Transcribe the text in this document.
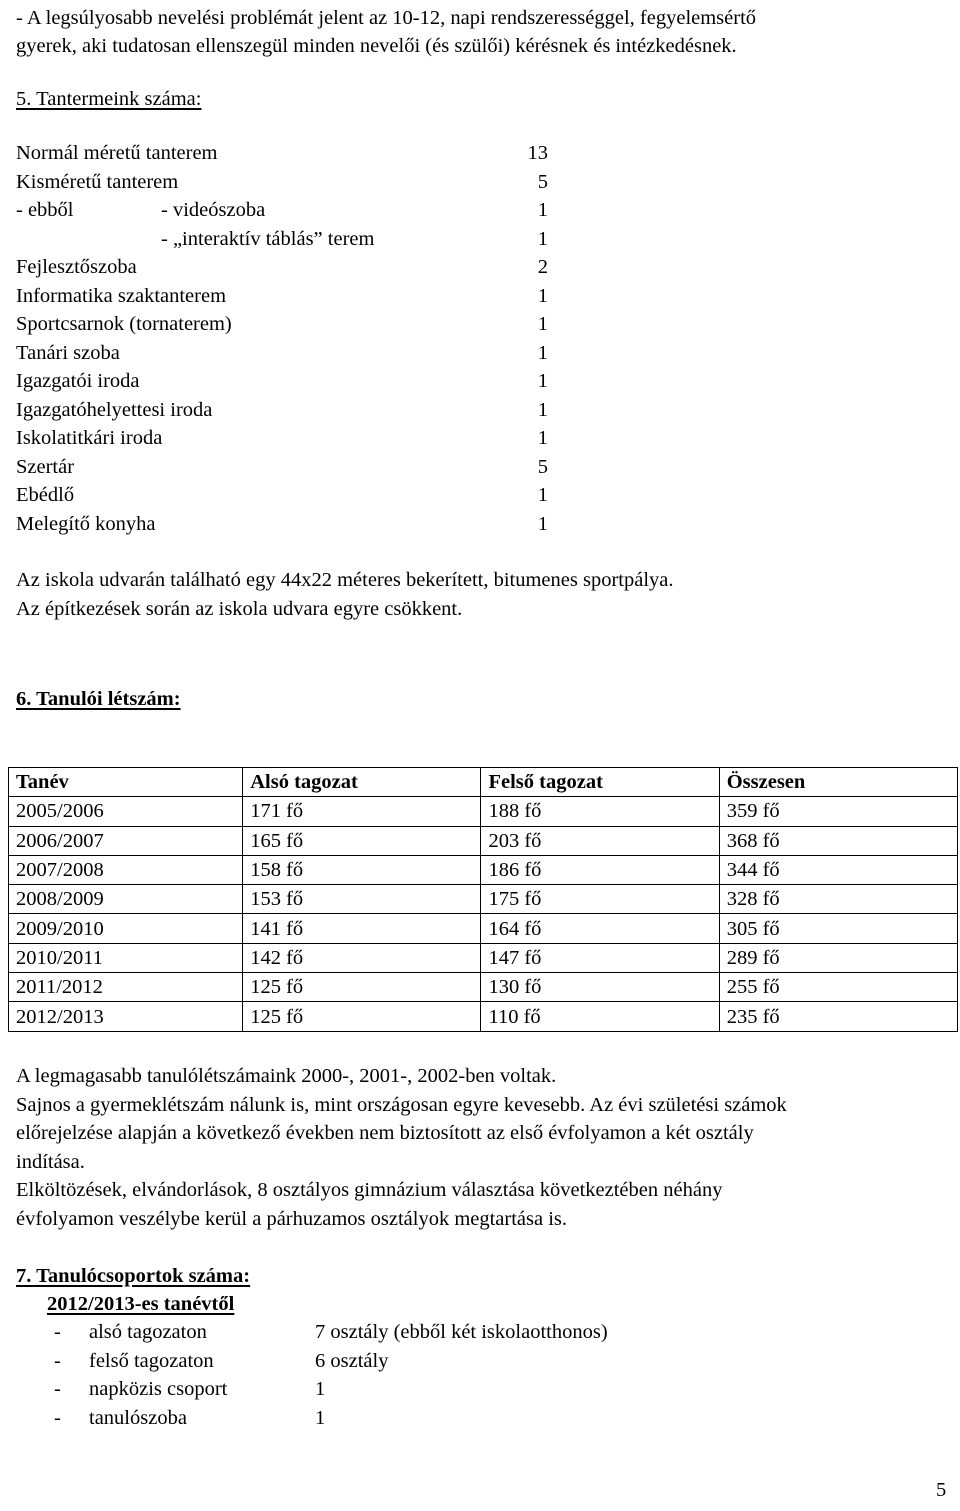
- A legsúlyosabb nevelési problémát jelent az 10-12, napi rendszerességgel, fegyelemsértő
gyerek, aki tudatosan ellenszegül minden nevelői (és szülői) kérésnek és intézkedésnek.
5. Tantermeink száma:
Normál méretű tanterem	13
Kisméretű tanterem	5
- ebből	- videószoba	1
- „interaktív táblás” terem	1
Fejlesztőszoba	2
Informatika szaktanterem	1
Sportcsarnok (tornaterem)	1
Tanári szoba	1
Igazgatói iroda	1
Igazgatóhelyettesi iroda	1
Iskolatitkári iroda	1
Szertár	5
Ebédlő	1
Melegítő konyha	1
Az iskola udvarán található egy 44x22 méteres bekerített, bitumenes sportpálya.
Az építkezések során az iskola udvara egyre csökkent.
6. Tanulói létszám:
Tanév	Alsó tagozat	Felső tagozat	Összesen
2005/2006	171 fő	188 fő	359 fő
2006/2007	165 fő	203 fő	368 fő
2007/2008	158 fő	186 fő	344 fő
2008/2009	153 fő	175 fő	328 fő
2009/2010	141 fő	164 fő	305 fő
2010/2011	142 fő	147 fő	289 fő
2011/2012	125 fő	130 fő	255 fő
2012/2013	125 fő	110 fő	235 fő
A legmagasabb tanulólétszámaink 2000-, 2001-, 2002-ben voltak.
Sajnos a gyermeklétszám nálunk is, mint országosan egyre kevesebb. Az évi születési számok
előrejelzése alapján a következő években nem biztosított az első évfolyamon a két osztály
indítása.
Elköltözések, elvándorlások, 8 osztályos gimnázium választása következtében néhány
évfolyamon veszélybe kerül a párhuzamos osztályok megtartása is.
7. Tanulócsoportok száma:
2012/2013-es tanévtől
- alsó tagozaton	7 osztály (ebből két iskolaotthonos)
- felső tagozaton	6 osztály
- napközis csoport	1
- tanulószoba	1
5
